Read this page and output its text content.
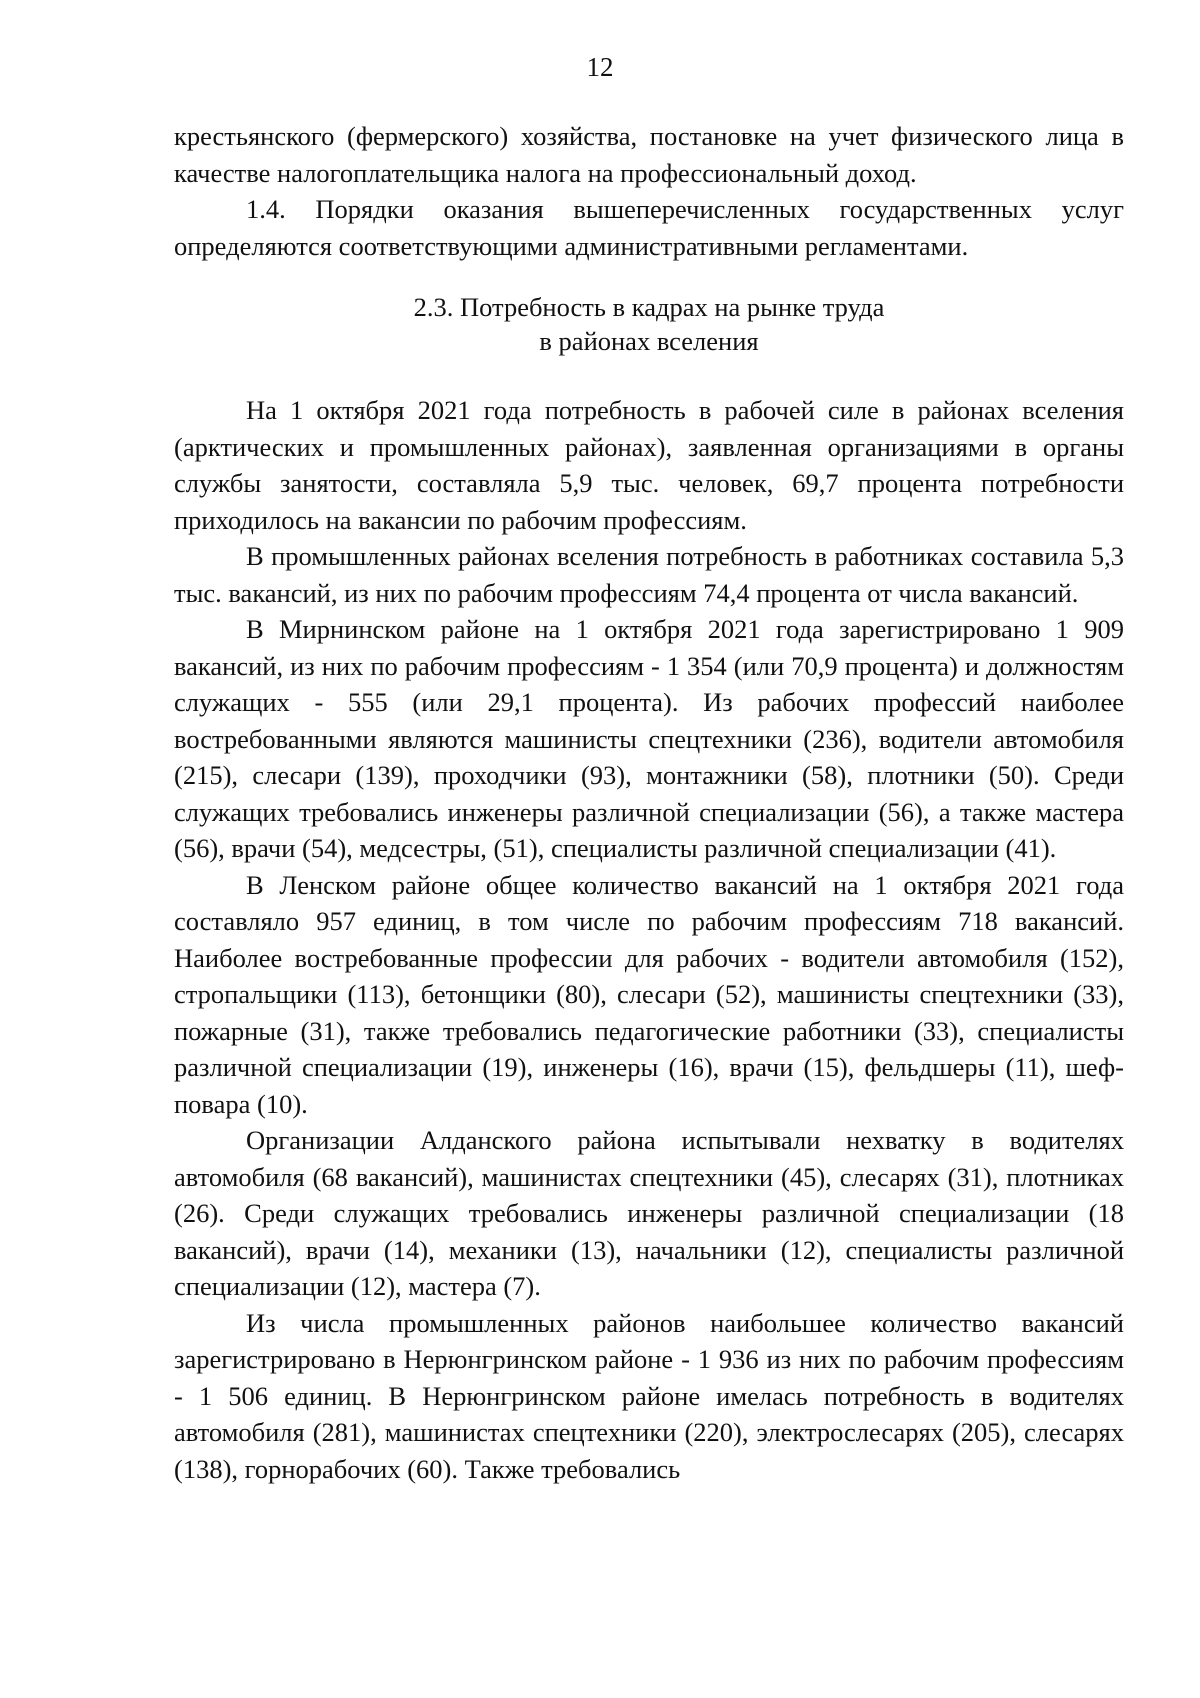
12

крестьянского (фермерского) хозяйства, постановке на учет физического лица в качестве налогоплательщика налога на профессиональный доход.

1.4. Порядки оказания вышеперечисленных государственных услуг определяются соответствующими административными регламентами.

2.3. Потребность в кадрах на рынке труда
в районах вселения

На 1 октября 2021 года потребность в рабочей силе в районах вселения (арктических и промышленных районах), заявленная организациями в органы службы занятости, составляла 5,9 тыс. человек, 69,7 процента потребности приходилось на вакансии по рабочим профессиям.

В промышленных районах вселения потребность в работниках составила 5,3 тыс. вакансий, из них по рабочим профессиям 74,4 процента от числа вакансий.

В Мирнинском районе на 1 октября 2021 года зарегистрировано 1 909 вакансий, из них по рабочим профессиям - 1 354 (или 70,9 процента) и должностям служащих - 555 (или 29,1 процента). Из рабочих профессий наиболее востребованными являются машинисты спецтехники (236), водители автомобиля (215), слесари (139), проходчики (93), монтажники (58), плотники (50). Среди служащих требовались инженеры различной специализации (56), а также мастера (56), врачи (54), медсестры, (51), специалисты различной специализации (41).

В Ленском районе общее количество вакансий на 1 октября 2021 года составляло 957 единиц, в том числе по рабочим профессиям 718 вакансий. Наиболее востребованные профессии для рабочих - водители автомобиля (152), стропальщики (113), бетонщики (80), слесари (52), машинисты спецтехники (33), пожарные (31), также требовались педагогические работники (33), специалисты различной специализации (19), инженеры (16), врачи (15), фельдшеры (11), шеф-повара (10).

Организации Алданского района испытывали нехватку в водителях автомобиля (68 вакансий), машинистах спецтехники (45), слесарях (31), плотниках (26). Среди служащих требовались инженеры различной специализации (18 вакансий), врачи (14), механики (13), начальники (12), специалисты различной специализации (12), мастера (7).

Из числа промышленных районов наибольшее количество вакансий зарегистрировано в Нерюнгринском районе - 1 936 из них по рабочим профессиям - 1 506 единиц. В Нерюнгринском районе имелась потребность в водителях автомобиля (281), машинистах спецтехники (220), электрослесарях (205), слесарях (138), горнорабочих (60). Также требовались
